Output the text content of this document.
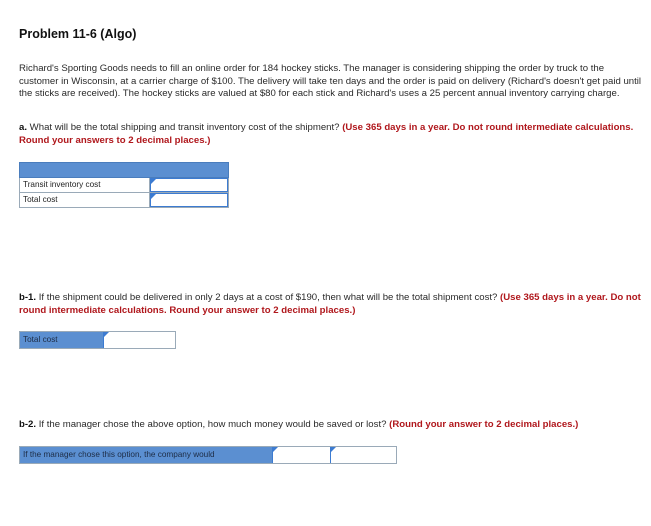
Problem 11-6 (Algo)
Richard's Sporting Goods needs to fill an online order for 184 hockey sticks. The manager is considering shipping the order by truck to the customer in Wisconsin, at a carrier charge of $100. The delivery will take ten days and the order is paid on delivery (Richard's doesn't get paid until the sticks are received). The hockey sticks are valued at $80 for each stick and Richard's uses a 25 percent annual inventory carrying charge.
a. What will be the total shipping and transit inventory cost of the shipment? (Use 365 days in a year. Do not round intermediate calculations. Round your answers to 2 decimal places.)
Transit inventory cost
Total cost
b-1. If the shipment could be delivered in only 2 days at a cost of $190, then what will be the total shipment cost? (Use 365 days in a year. Do not round intermediate calculations. Round your answer to 2 decimal places.)
Total cost
b-2. If the manager chose the above option, how much money would be saved or lost? (Round your answer to 2 decimal places.)
If the manager chose this option, the company would
